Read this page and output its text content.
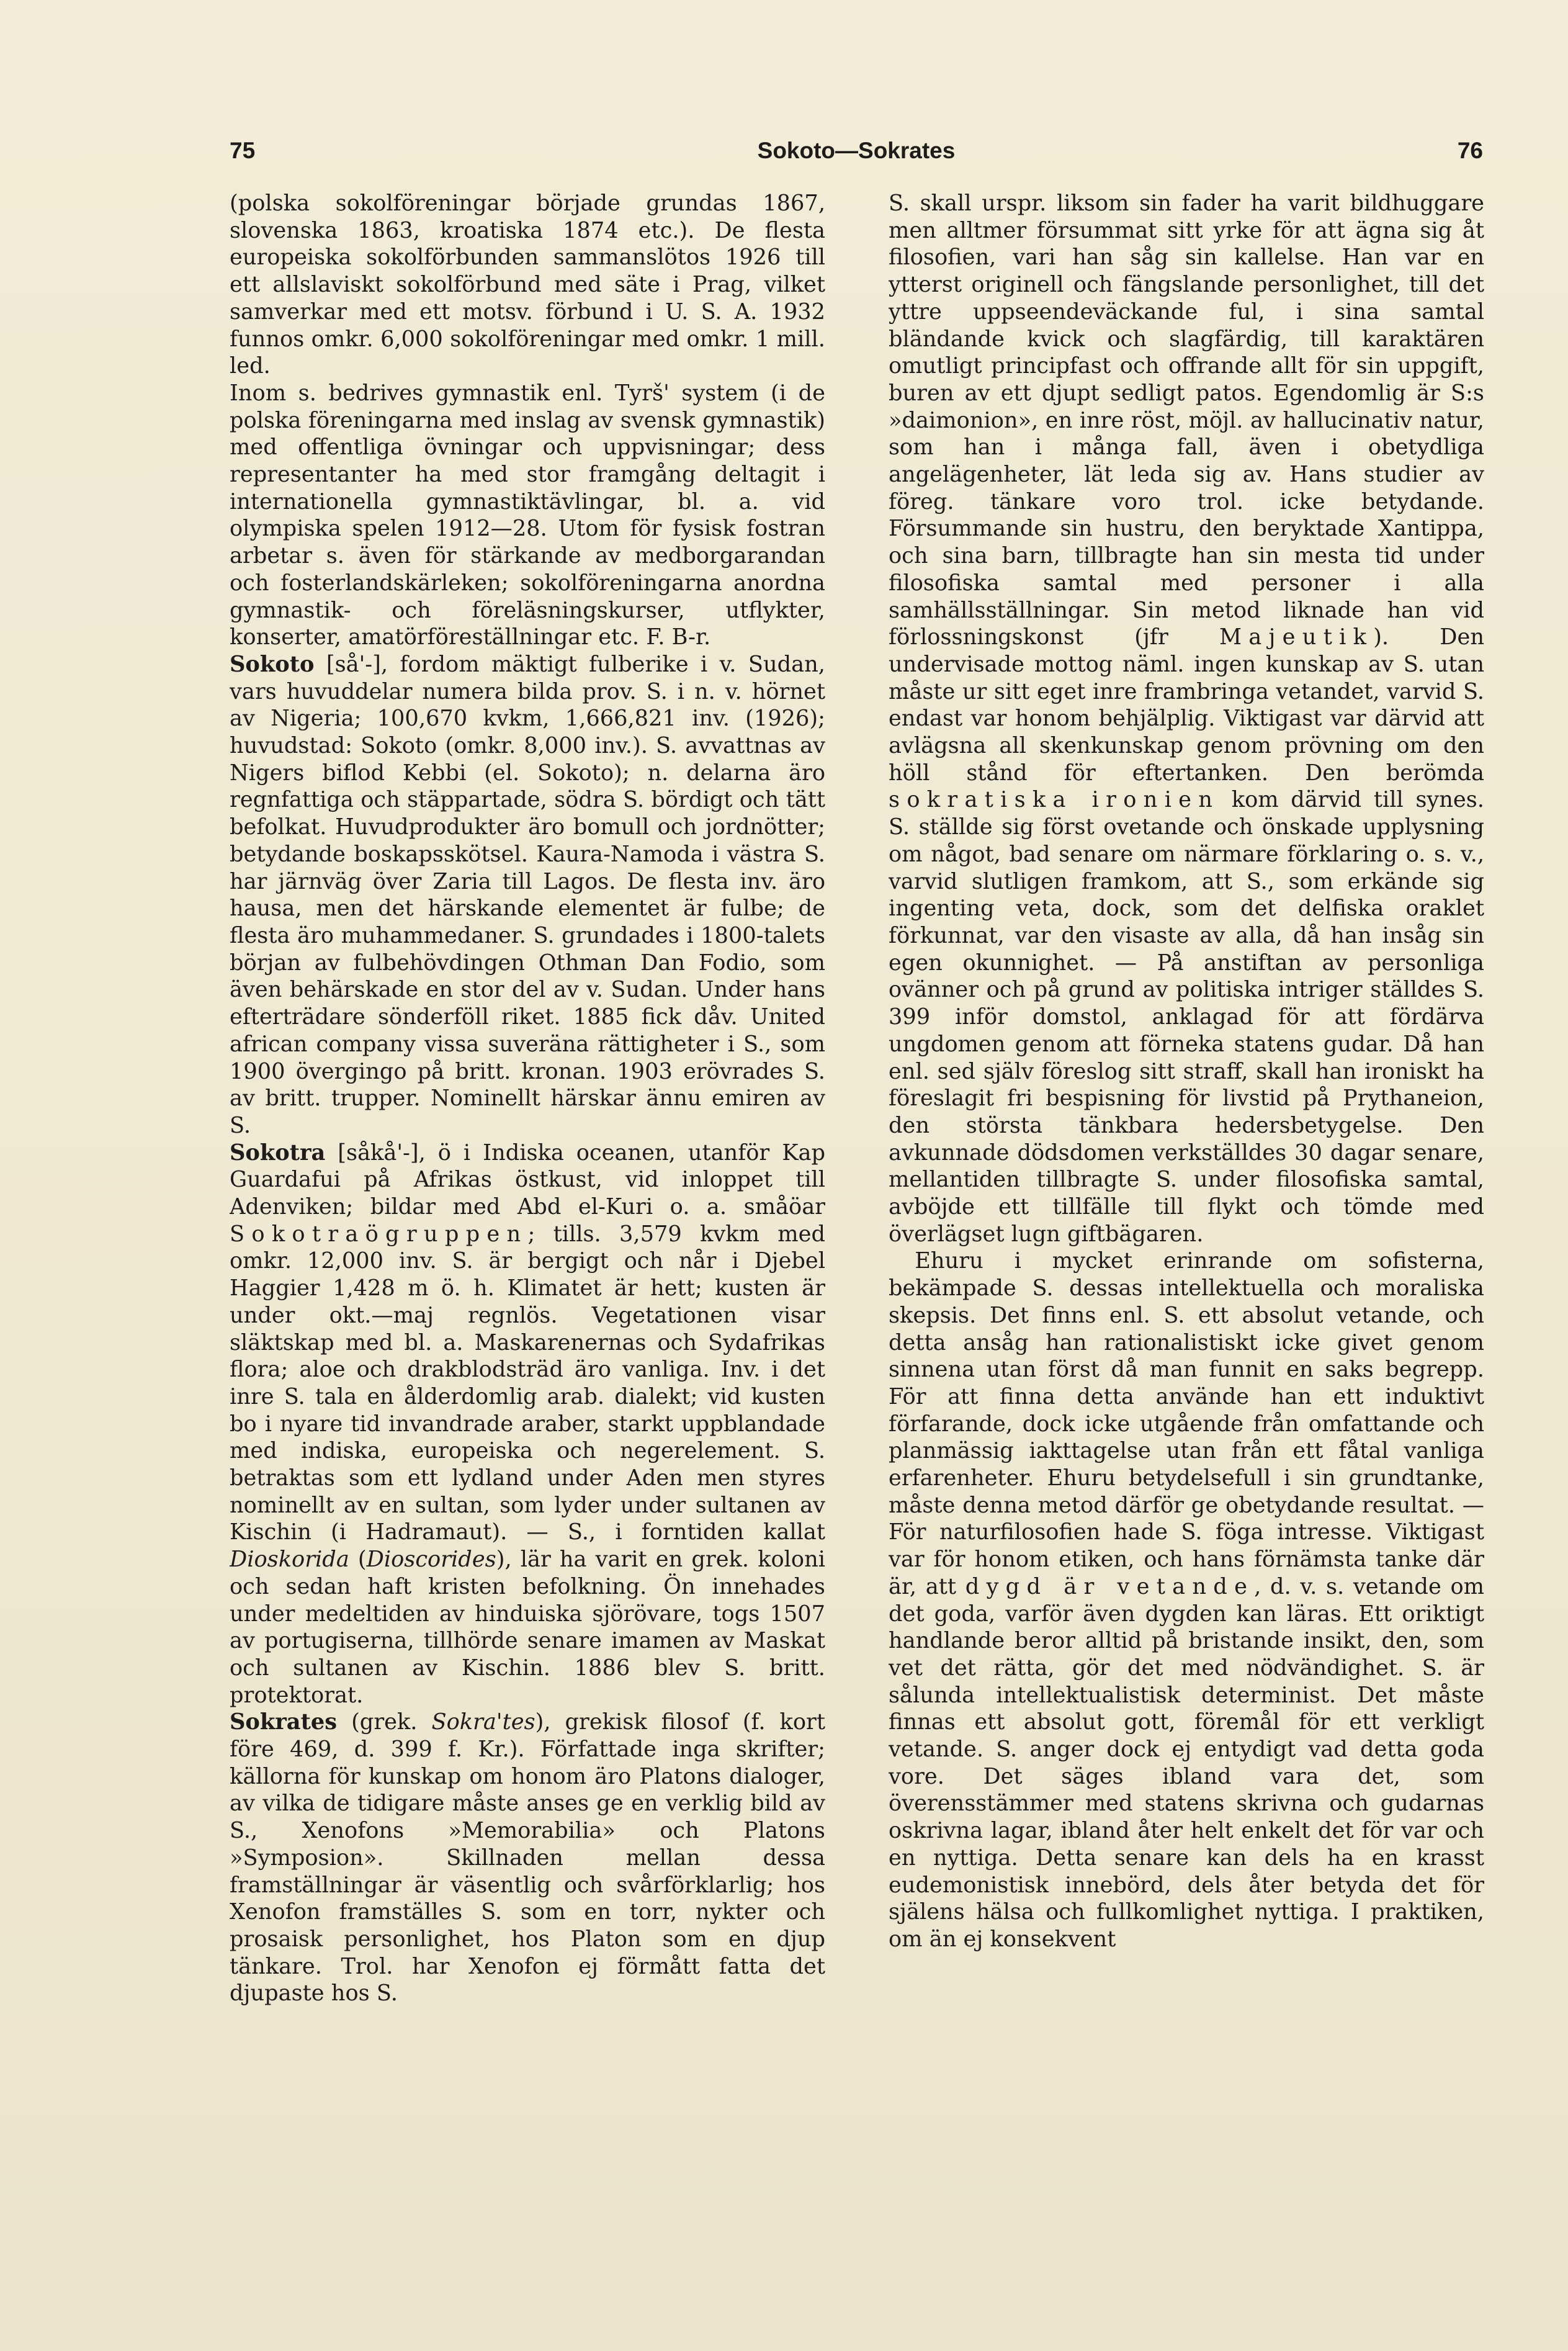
75	Sokoto—Sokrates	76

(polska sokolföreningar började grundas 1867, slovenska 1863, kroatiska 1874 etc.). De flesta europeiska sokolförbunden sammanslötos 1926 till ett allslaviskt sokolförbund med säte i Prag, vilket samverkar med ett motsv. förbund i U. S. A. 1932 funnos omkr. 6,000 sokolföreningar med omkr. 1 mill. led.

Inom s. bedrives gymnastik enl. Tyrš' system (i de polska föreningarna med inslag av svensk gymnastik) med offentliga övningar och uppvisningar; dess representanter ha med stor framgång deltagit i internationella gymnastiktävlingar, bl. a. vid olympiska spelen 1912—28. Utom för fysisk fostran arbetar s. även för stärkande av medborgarandan och fosterlandskärleken; sokolföreningarna anordna gymnastik- och föreläsningskurser, utflykter, konserter, amatörföreställningar etc. F. B-r.

Sokoto [så'-], fordom mäktigt fulberike i v. Sudan, vars huvuddelar numera bilda prov. S. i n. v. hörnet av Nigeria; 100,670 kvkm, 1,666,821 inv. (1926); huvudstad: Sokoto (omkr. 8,000 inv.). S. avvattnas av Nigers biflod Kebbi (el. Sokoto); n. delarna äro regnfattiga och stäppartade, södra S. bördigt och tätt befolkat. Huvudprodukter äro bomull och jordnötter; betydande boskapsskötsel. Kaura-Namoda i västra S. har järnväg över Zaria till Lagos. De flesta inv. äro hausa, men det härskande elementet är fulbe; de flesta äro muhammedaner. S. grundades i 1800-talets början av fulbehövdingen Othman Dan Fodio, som även behärskade en stor del av v. Sudan. Under hans efterträdare sönderföll riket. 1885 fick dåv. United african company vissa suveräna rättigheter i S., som 1900 övergingo på britt. kronan. 1903 erövrades S. av britt. trupper. Nominellt härskar ännu emiren av S.

Sokotra [såkå'-], ö i Indiska oceanen, utanför Kap Guardafui på Afrikas östkust, vid inloppet till Adenviken; bildar med Abd el-Kuri o. a. småöar Sokotraögruppen; tills. 3,579 kvkm med omkr. 12,000 inv. S. är bergigt och når i Djebel Haggier 1,428 m ö. h. Klimatet är hett; kusten är under okt.—maj regnlös. Vegetationen visar släktskap med bl. a. Maskarenernas och Sydafrikas flora; aloe och drakblodsträd äro vanliga. Inv. i det inre S. tala en ålderdomlig arab. dialekt; vid kusten bo i nyare tid invandrade araber, starkt uppblandade med indiska, europeiska och negerelement. S. betraktas som ett lydland under Aden men styres nominellt av en sultan, som lyder under sultanen av Kischin (i Hadramaut). — S., i forntiden kallat Dioskorida (Dioscorides), lär ha varit en grek. koloni och sedan haft kristen befolkning. Ön innehades under medeltiden av hinduiska sjörövare, togs 1507 av portugiserna, tillhörde senare imamen av Maskat och sultanen av Kischin. 1886 blev S. britt. protektorat.

Sokrates (grek. Sokra'tes), grekisk filosof (f. kort före 469, d. 399 f. Kr.). Författade inga skrifter; källorna för kunskap om honom äro Platons dialoger, av vilka de tidigare måste anses ge en verklig bild av S., Xenofons »Memorabilia» och Platons »Symposion». Skillnaden mellan dessa framställningar är väsentlig och svårförklarlig; hos Xenofon framställes S. som en torr, nykter och prosaisk personlighet, hos Platon som en djup tänkare. Trol. har Xenofon ej förmått fatta det djupaste hos S.

S. skall urspr. liksom sin fader ha varit bildhuggare men alltmer försummat sitt yrke för att ägna sig åt filosofien, vari han såg sin kallelse. Han var en ytterst originell och fängslande personlighet, till det yttre uppseendeväckande ful, i sina samtal bländande kvick och slagfärdig, till karaktären omutligt principfast och offrande allt för sin uppgift, buren av ett djupt sedligt patos. Egendomlig är S:s »daimonion», en inre röst, möjl. av hallucinativ natur, som han i många fall, även i obetydliga angelägenheter, lät leda sig av. Hans studier av föreg. tänkare voro trol. icke betydande. Försummande sin hustru, den beryktade Xantippa, och sina barn, tillbragte han sin mesta tid under filosofiska samtal med personer i alla samhällsställningar. Sin metod liknade han vid förlossningskonst (jfr Majeutik). Den undervisade mottog näml. ingen kunskap av S. utan måste ur sitt eget inre frambringa vetandet, varvid S. endast var honom behjälplig. Viktigast var därvid att avlägsna all skenkunskap genom prövning om den höll stånd för eftertanken. Den berömda sokratiska ironien kom därvid till synes. S. ställde sig först ovetande och önskade upplysning om något, bad senare om närmare förklaring o. s. v., varvid slutligen framkom, att S., som erkände sig ingenting veta, dock, som det delfiska oraklet förkunnat, var den visaste av alla, då han insåg sin egen okunnighet. — På anstiftan av personliga ovänner och på grund av politiska intriger ställdes S. 399 inför domstol, anklagad för att fördärva ungdomen genom att förneka statens gudar. Då han enl. sed själv föreslog sitt straff, skall han ironiskt ha föreslagit fri bespisning för livstid på Prythaneion, den största tänkbara hedersbetygelse. Den avkunnade dödsdomen verkställdes 30 dagar senare, mellantiden tillbragte S. under filosofiska samtal, avböjde ett tillfälle till flykt och tömde med överlägset lugn giftbägaren.

Ehuru i mycket erinrande om sofisterna, bekämpade S. dessas intellektuella och moraliska skepsis. Det finns enl. S. ett absolut vetande, och detta ansåg han rationalistiskt icke givet genom sinnena utan först då man funnit en saks begrepp. För att finna detta använde han ett induktivt förfarande, dock icke utgående från omfattande och planmässig iakttagelse utan från ett fåtal vanliga erfarenheter. Ehuru betydelsefull i sin grundtanke, måste denna metod därför ge obetydande resultat. — För naturfilosofien hade S. föga intresse. Viktigast var för honom etiken, och hans förnämsta tanke där är, att dygd är vetande, d. v. s. vetande om det goda, varför även dygden kan läras. Ett oriktigt handlande beror alltid på bristande insikt, den, som vet det rätta, gör det med nödvändighet. S. är sålunda intellektualistisk determinist. Det måste finnas ett absolut gott, föremål för ett verkligt vetande. S. anger dock ej entydigt vad detta goda vore. Det säges ibland vara det, som överensstämmer med statens skrivna och gudarnas oskrivna lagar, ibland åter helt enkelt det för var och en nyttiga. Detta senare kan dels ha en krasst eudemonistisk innebörd, dels åter betyda det för själens hälsa och fullkomlighet nyttiga. I praktiken, om än ej konsekvent
